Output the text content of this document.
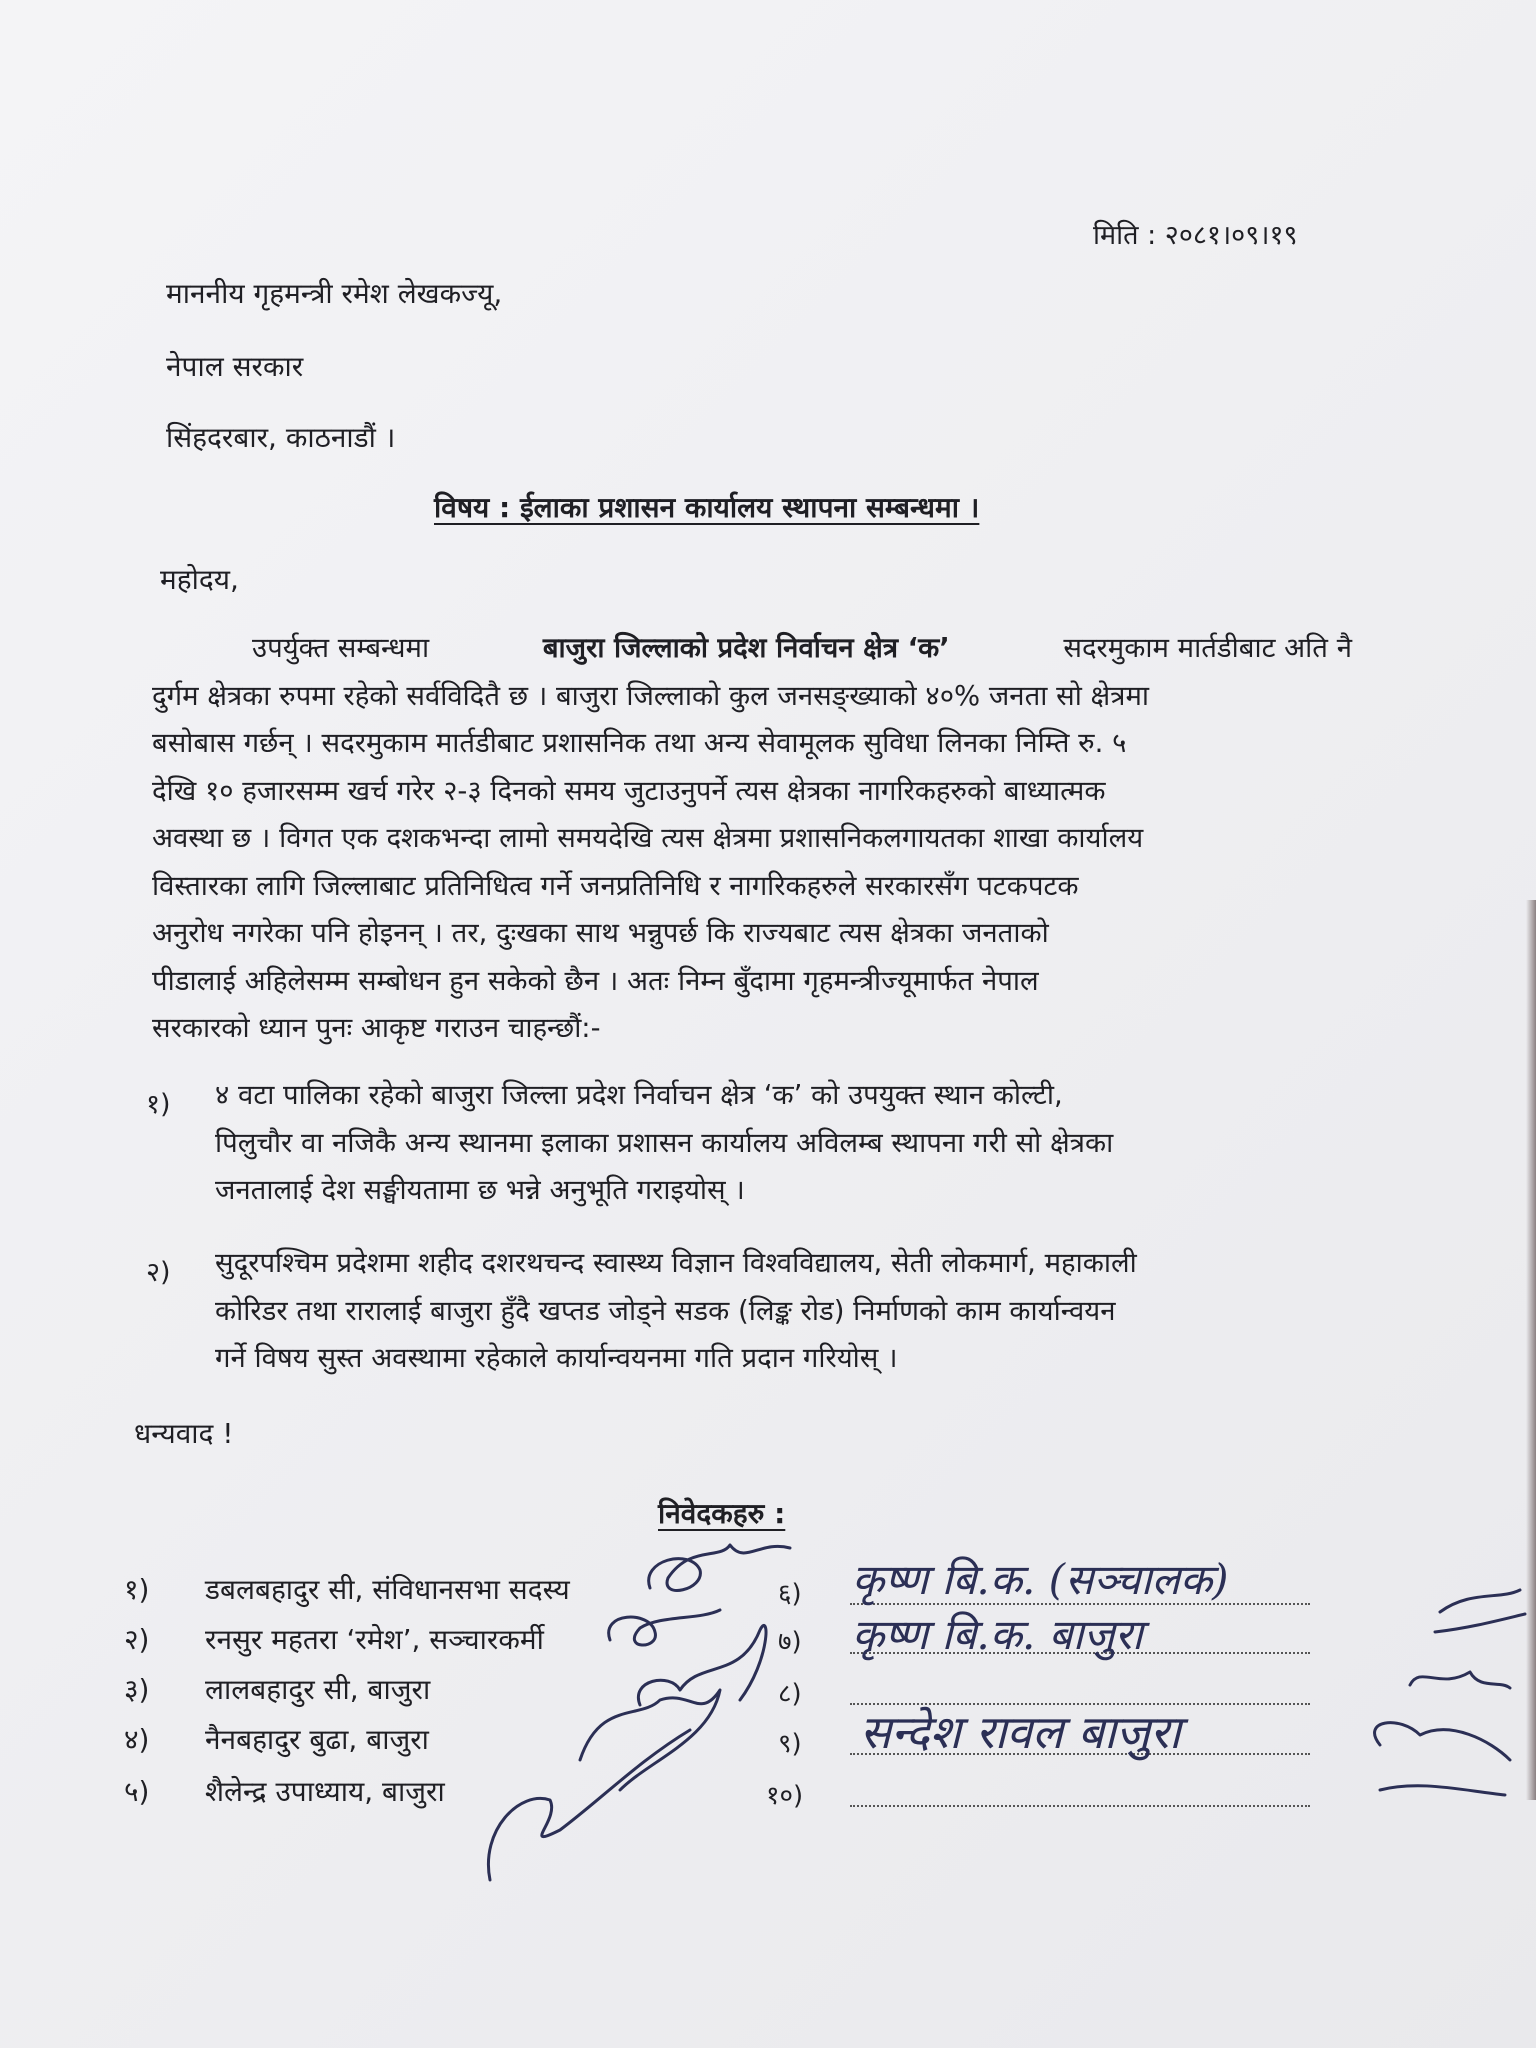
मिति : २०८१।०९।१९
माननीय गृहमन्त्री रमेश लेखकज्यू,
नेपाल सरकार
सिंहदरबार, काठनाडौं ।
विषय : ईलाका प्रशासन कार्यालय स्थापना सम्बन्धमा ।
महोदय,
उपर्युक्त सम्बन्धमा	बाजुरा जिल्लाको प्रदेश निर्वाचन क्षेत्र ‘क’	सदरमुकाम मार्तडीबाट अति नै
दुर्गम क्षेत्रका रुपमा रहेको सर्वविदितै छ । बाजुरा जिल्लाको कुल जनसङ्ख्याको ४०% जनता सो क्षेत्रमा
बसोबास गर्छन् । सदरमुकाम मार्तडीबाट प्रशासनिक तथा अन्य सेवामूलक सुविधा लिनका निम्ति रु. ५
देखि १० हजारसम्म खर्च गरेर २-३ दिनको समय जुटाउनुपर्ने त्यस क्षेत्रका नागरिकहरुको बाध्यात्मक
अवस्था छ । विगत एक दशकभन्दा लामो समयदेखि त्यस क्षेत्रमा प्रशासनिकलगायतका शाखा कार्यालय
विस्तारका लागि जिल्लाबाट प्रतिनिधित्व गर्ने जनप्रतिनिधि र नागरिकहरुले सरकारसँग पटकपटक
अनुरोध नगरेका पनि होइनन् । तर, दुःखका साथ भन्नुपर्छ कि राज्यबाट त्यस क्षेत्रका जनताको
पीडालाई अहिलेसम्म सम्बोधन हुन सकेको छैन । अतः निम्न बुँदामा गृहमन्त्रीज्यूमार्फत नेपाल
सरकारको ध्यान पुनः आकृष्ट गराउन चाहन्छौं:-
१) ४ वटा पालिका रहेको बाजुरा जिल्ला प्रदेश निर्वाचन क्षेत्र ‘क’ को उपयुक्त स्थान कोल्टी,
पिलुचौर वा नजिकै अन्य स्थानमा इलाका प्रशासन कार्यालय अविलम्ब स्थापना गरी सो क्षेत्रका
जनतालाई देश सङ्घीयतामा छ भन्ने अनुभूति गराइयोस् ।
२) सुदूरपश्चिम प्रदेशमा शहीद दशरथचन्द स्वास्थ्य विज्ञान विश्वविद्यालय, सेती लोकमार्ग, महाकाली
कोरिडर तथा रारालाई बाजुरा हुँदै खप्तड जोड्ने सडक (लिङ्क रोड) निर्माणको काम कार्यान्वयन
गर्ने विषय सुस्त अवस्थामा रहेकाले कार्यान्वयनमा गति प्रदान गरियोस् ।
धन्यवाद !
निवेदकहरु :
१) डबलबहादुर सी, संविधानसभा सदस्य
२) रनसुर महतरा ‘रमेश’, सञ्चारकर्मी
३) लालबहादुर सी, बाजुरा
४) नैनबहादुर बुढा, बाजुरा
५) शैलेन्द्र उपाध्याय, बाजुरा
६)
७)
८)
९)
१०)
कृष्ण बि.क. (सञ्चालक)
कृष्ण बि.क. बाजुरा
सन्देश रावल बाजुरा
